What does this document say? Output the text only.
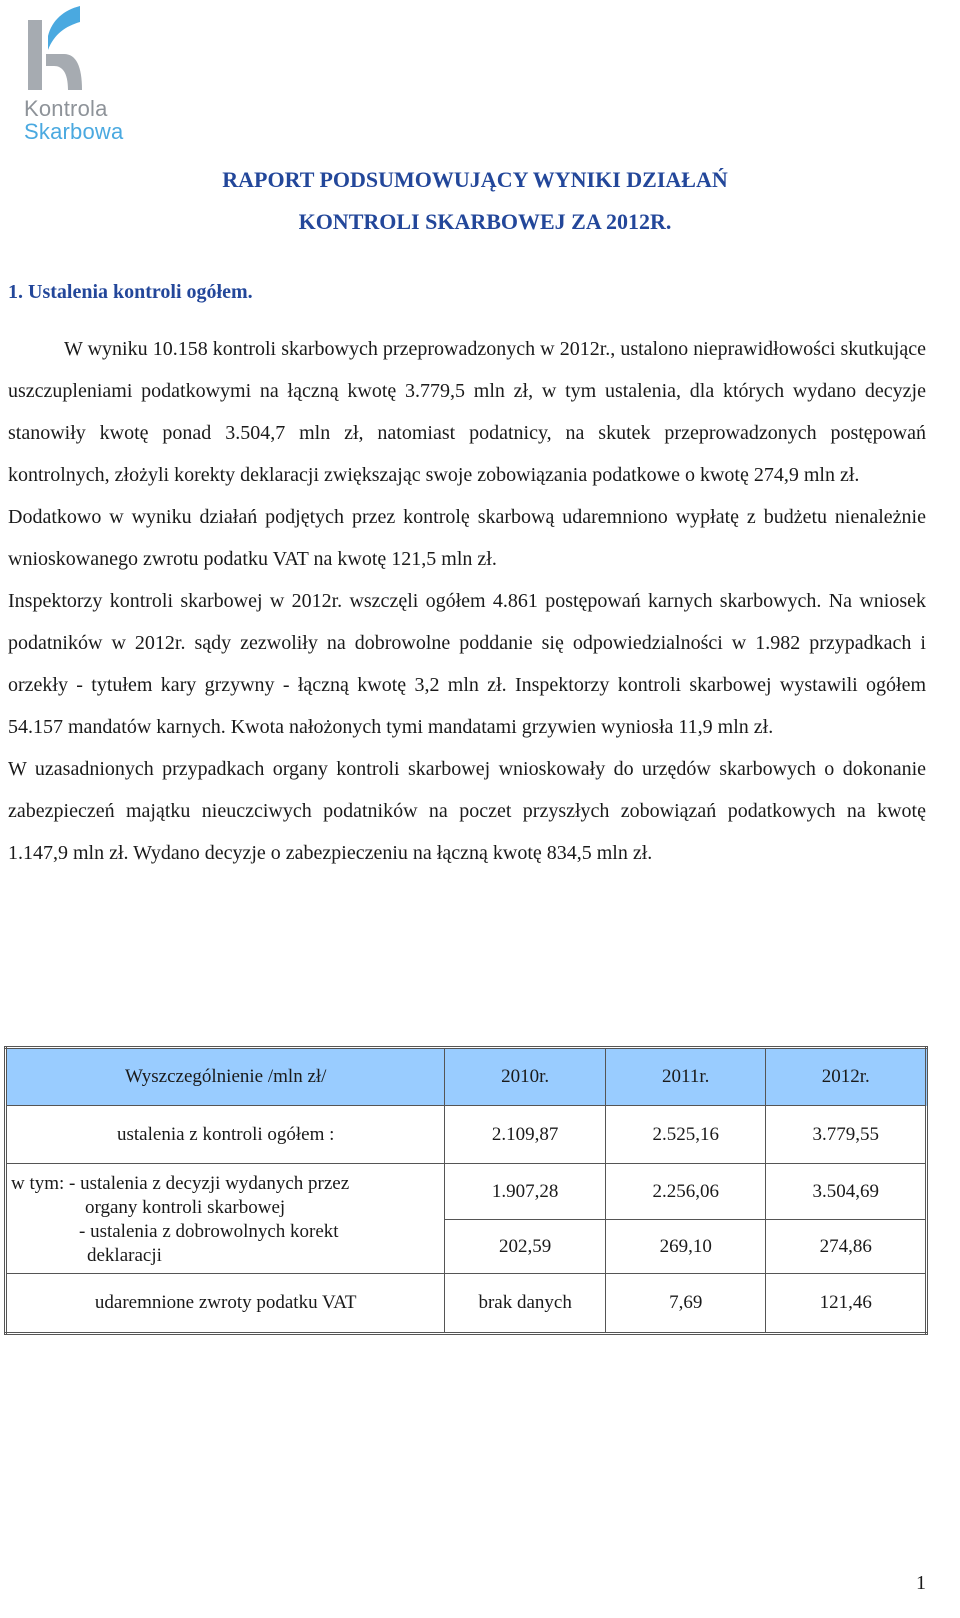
Kontrola
Skarbowa
RAPORT PODSUMOWUJĄCY WYNIKI DZIAŁAŃ
KONTROLI SKARBOWEJ ZA 2012R.
1. Ustalenia kontroli ogółem.

W wyniku 10.158 kontroli skarbowych przeprowadzonych w 2012r., ustalono nieprawidłowości skutkujące uszczupleniami podatkowymi na łączną kwotę 3.779,5 mln zł, w tym ustalenia, dla których wydano decyzje stanowiły kwotę ponad 3.504,7 mln zł, natomiast podatnicy, na skutek przeprowadzonych postępowań kontrolnych, złożyli korekty deklaracji zwiększając swoje zobowiązania podatkowe o kwotę 274,9 mln zł.

Dodatkowo w wyniku działań podjętych przez kontrolę skarbową udaremniono wypłatę z budżetu nienależnie wnioskowanego zwrotu podatku VAT na kwotę 121,5 mln zł.

Inspektorzy kontroli skarbowej w 2012r. wszczęli ogółem 4.861 postępowań karnych skarbowych. Na wniosek podatników w 2012r. sądy zezwoliły na dobrowolne poddanie się odpowiedzialności w 1.982 przypadkach i orzekły - tytułem kary grzywny - łączną kwotę 3,2 mln zł. Inspektorzy kontroli skarbowej wystawili ogółem 54.157 mandatów karnych. Kwota nałożonych tymi mandatami grzywien wyniosła 11,9 mln zł.

W uzasadnionych przypadkach organy kontroli skarbowej wnioskowały do urzędów skarbowych o dokonanie zabezpieczeń majątku nieuczciwych podatników na poczet przyszłych zobowiązań podatkowych na kwotę 1.147,9 mln zł. Wydano decyzje o zabezpieczeniu na łączną kwotę 834,5 mln zł.

Wyszczególnienie /mln zł/	2010r.	2011r.	2012r.
ustalenia z kontroli ogółem :	2.109,87	2.525,16	3.779,55

w tym: - ustalenia z decyzji wydanych przez
organy kontroli skarbowej	1.907,28	2.256,06	3.504,69

- ustalenia z dobrowolnych korekt
deklaracji	202,59	269,10	274,86
udaremnione zwroty podatku VAT	brak danych	7,69	121,46
1
